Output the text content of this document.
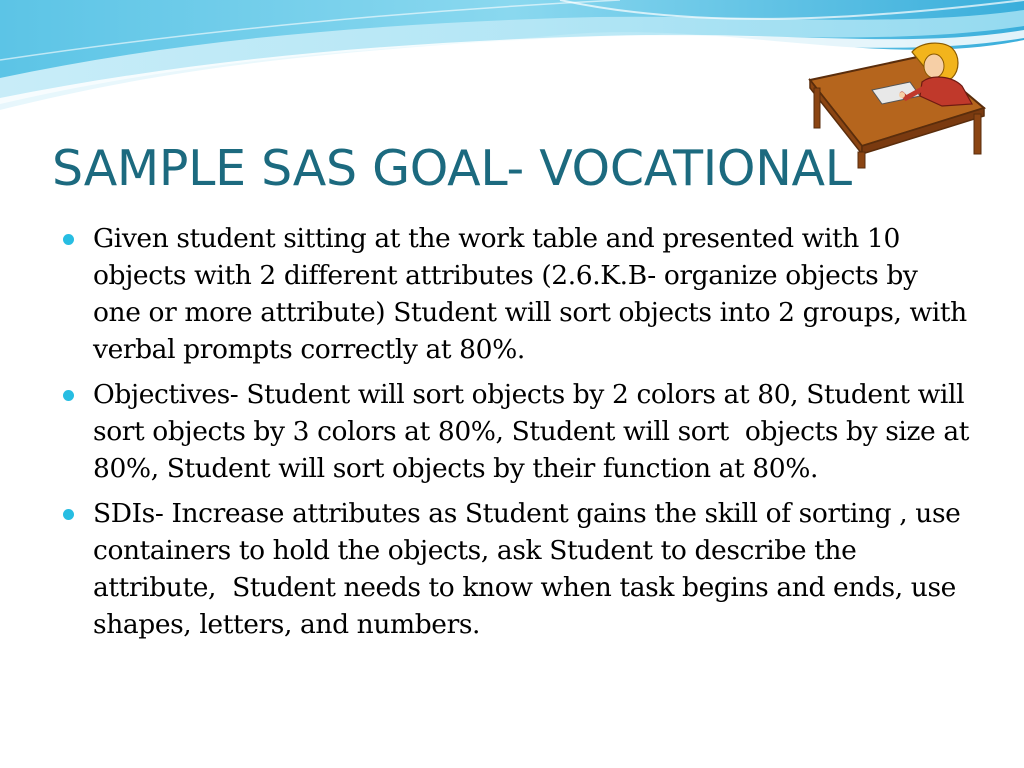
SAMPLE SAS GOAL- VOCATIONAL
Given student sitting at the work table and presented with 10 objects with 2 different attributes (2.6.K.B- organize objects by one or more attribute) Student will sort objects into 2 groups, with verbal prompts correctly at 80%.
Objectives- Student will sort objects by 2 colors at 80, Student will sort objects by 3 colors at 80%, Student will sort  objects by size at 80%, Student will sort objects by their function at 80%.
SDIs- Increase attributes as Student gains the skill of sorting , use containers to hold the objects, ask Student to describe the attribute,  Student needs to know when task begins and ends, use shapes, letters, and numbers.
